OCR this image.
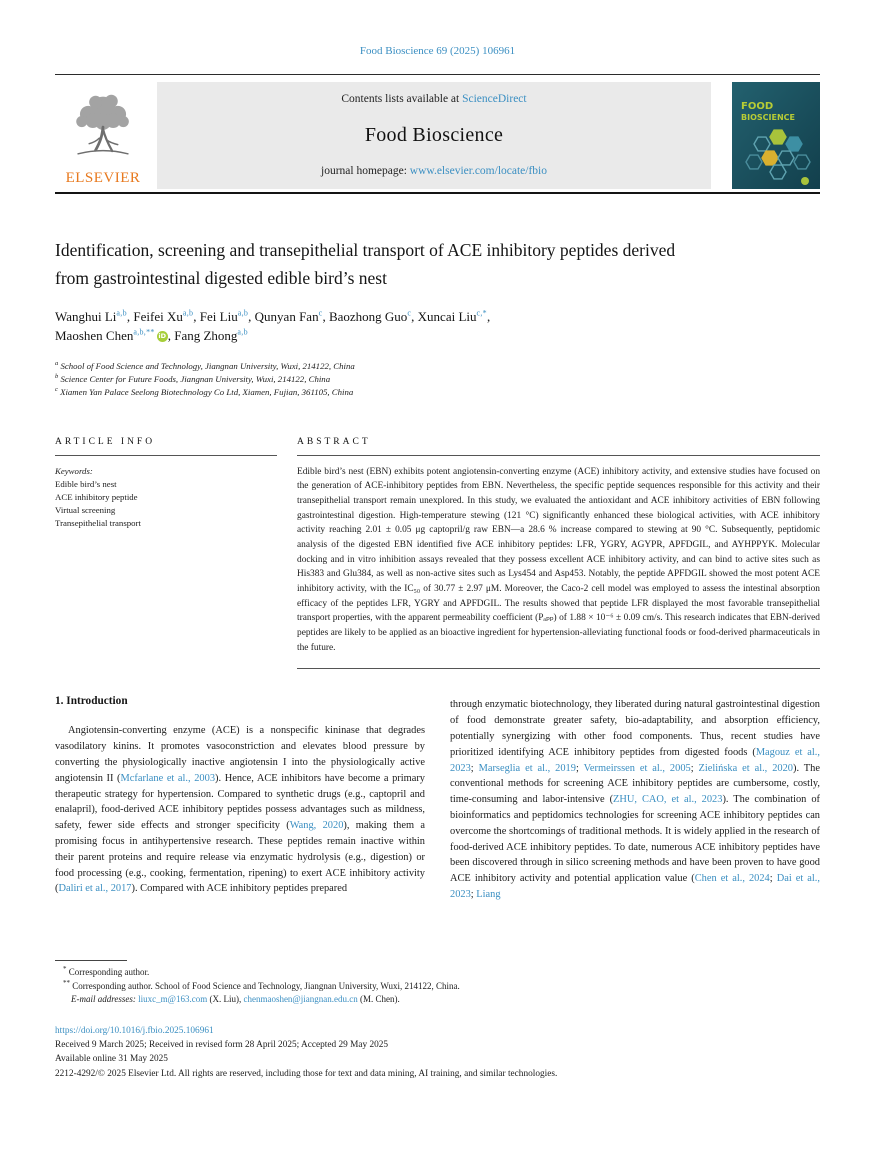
Food Bioscience 69 (2025) 106961
ELSEVIER
Contents lists available at ScienceDirect
Food Bioscience
journal homepage: www.elsevier.com/locate/fbio
FOOD
BIOSCIENCE
Identification, screening and transepithelial transport of ACE inhibitory peptides derived from gastrointestinal digested edible bird’s nest
Wanghui Li$^{a,b}$, Feifei Xu$^{a,b}$, Fei Liu$^{a,b}$, Qunyan Fan$^c$, Baozhong Guo$^c$, Xuncai Liu$^{c,*}$,
Maoshen Chen$^{a,b,**}$ iD , Fang Zhong$^{a,b}$
$^a$ School of Food Science and Technology, Jiangnan University, Wuxi, 214122, China
$^b$ Science Center for Future Foods, Jiangnan University, Wuxi, 214122, China
$^c$ Xiamen Yan Palace Seelong Biotechnology Co Ltd, Xiamen, Fujian, 361105, China
ARTICLE INFO
Keywords:
Edible bird’s nest
ACE inhibitory peptide
Virtual screening
Transepithelial transport
ABSTRACT
Edible bird’s nest (EBN) exhibits potent angiotensin-converting enzyme (ACE) inhibitory activity, and extensive studies have focused on the generation of ACE-inhibitory peptides from EBN. Nevertheless, the specific peptide sequences responsible for this activity and their transepithelial transport remain unexplored. In this study, we evaluated the antioxidant and ACE inhibitory activities of EBN following gastrointestinal digestion. High-temperature stewing (121 °C) significantly enhanced these biological activities, with ACE inhibitory activity reaching 2.01 ± 0.05 μg captopril/g raw EBN—a 28.6 % increase compared to stewing at 90 °C. Subsequently, peptidomic analysis of the digested EBN identified five ACE inhibitory peptides: LFR, YGRY, AGYPR, APFDGIL, and AYHPPYK. Molecular docking and in vitro inhibition assays revealed that they possess excellent ACE inhibitory activity, and can bind to active sites such as His383 and Glu384, as well as non-active sites such as Lys454 and Asp453. Notably, the peptide APFDGIL showed the most potent ACE inhibitory activity, with the IC₅₀ of 30.77 ± 2.97 μM. Moreover, the Caco-2 cell model was employed to assess the intestinal absorption efficacy of the peptides LFR, YGRY and APFDGIL. The results showed that peptide LFR displayed the most favorable transepithelial transport properties, with the apparent permeability coefficient (Pₐₚₚ) of 1.88 × 10⁻⁶ ± 0.09 cm/s. This research indicates that EBN-derived peptides are likely to be applied as an bioactive ingredient for hypertension-alleviating functional foods or food-derived pharmaceuticals in the future.
1. Introduction
Angiotensin-converting enzyme (ACE) is a nonspecific kininase that degrades vasodilatory kinins. It promotes vasoconstriction and elevates blood pressure by converting the physiologically inactive angiotensin I into the physiologically active angiotensin II (Mcfarlane et al., 2003). Hence, ACE inhibitors have become a primary therapeutic strategy for hypertension. Compared to synthetic drugs (e.g., captopril and enalapril), food-derived ACE inhibitory peptides possess advantages such as mildness, safety, fewer side effects and stronger specificity (Wang, 2020), making them a promising focus in antihypertensive research. These peptides remain inactive within their parent proteins and require release via enzymatic hydrolysis (e.g., digestion) or food processing (e.g., cooking, fermentation, ripening) to exert ACE inhibitory activity (Daliri et al., 2017). Compared with ACE inhibitory peptides prepared
through enzymatic biotechnology, they liberated during natural gastrointestinal digestion of food demonstrate greater safety, bio-adaptability, and absorption efficiency, potentially synergizing with other food components. Thus, recent studies have prioritized identifying ACE inhibitory peptides from digested foods (Magouz et al., 2023; Marseglia et al., 2019; Vermeirssen et al., 2005; Zielińska et al., 2020). The conventional methods for screening ACE inhibitory peptides are cumbersome, costly, time-consuming and labor-intensive (ZHU, CAO, et al., 2023). The combination of bioinformatics and peptidomics technologies for screening ACE inhibitory peptides can overcome the shortcomings of traditional methods. It is widely applied in the research of food-derived ACE inhibitory peptides. To date, numerous ACE inhibitory peptides have been discovered through in silico screening methods and have been proven to have good ACE inhibitory activity and potential application value (Chen et al., 2024; Dai et al., 2023; Liang
* Corresponding author.
** Corresponding author. School of Food Science and Technology, Jiangnan University, Wuxi, 214122, China.
E-mail addresses: liuxc_m@163.com (X. Liu), chenmaoshen@jiangnan.edu.cn (M. Chen).
https://doi.org/10.1016/j.fbio.2025.106961
Received 9 March 2025; Received in revised form 28 April 2025; Accepted 29 May 2025
Available online 31 May 2025
2212-4292/© 2025 Elsevier Ltd. All rights are reserved, including those for text and data mining, AI training, and similar technologies.
